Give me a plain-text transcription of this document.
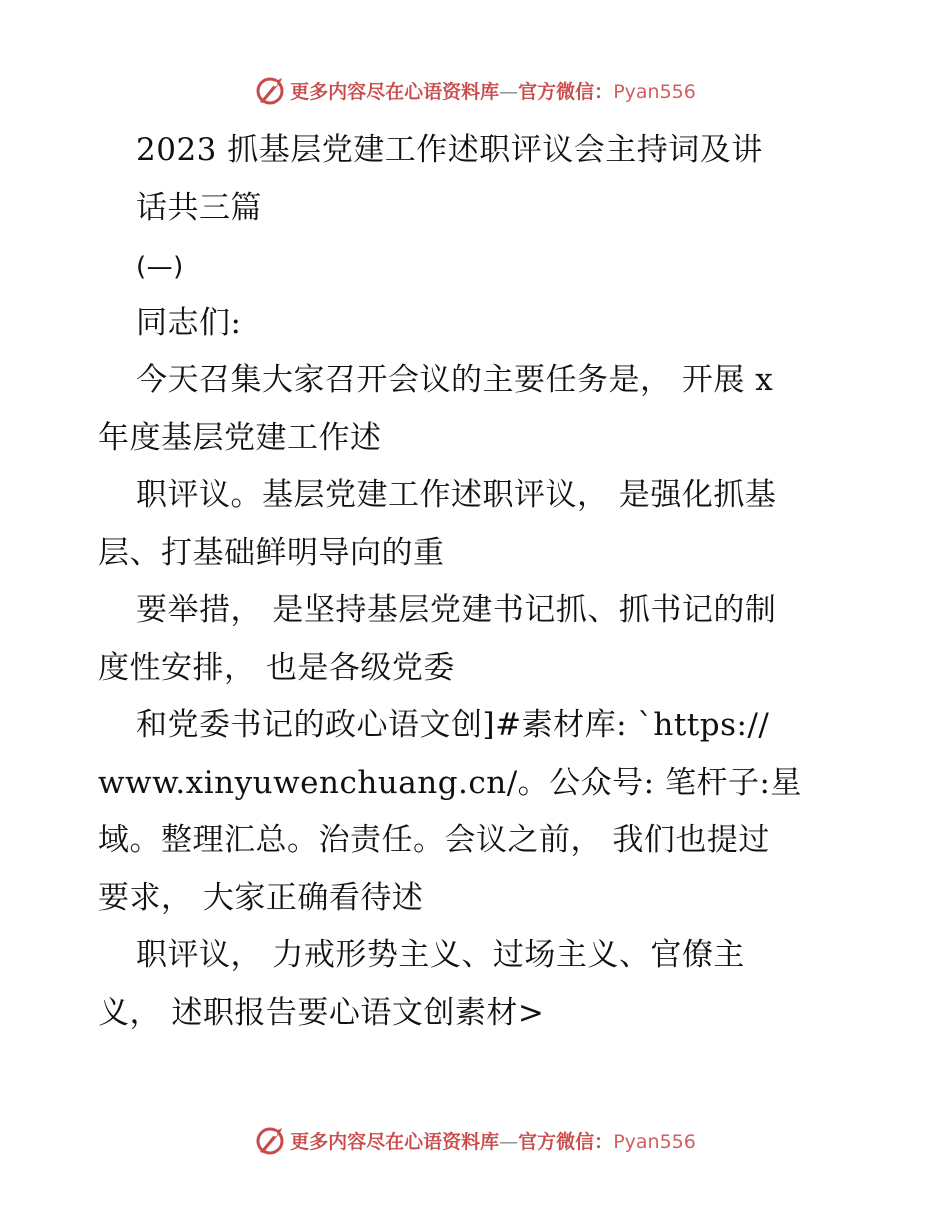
更多内容尽在心语资料库—官方微信：Pyan556
2023 抓基层党建工作述职评议会主持词及讲
话共三篇
(—)
同志们:
今天召集大家召开会议的主要任务是， 开展 x
年度基层党建工作述
职评议。基层党建工作述职评议， 是强化抓基
层、打基础鲜明导向的重
要举措， 是坚持基层党建书记抓、抓书记的制
度性安排， 也是各级党委
和党委书记的政心语文创]#素材库: `https://
www.xinyuwenchuang.cn/。公众号: 笔杆子:星
域。整理汇总。治责任。会议之前， 我们也提过
要求， 大家正确看待述
职评议， 力戒形势主义、过场主义、官僚主
义， 述职报告要心语文创素材>
更多内容尽在心语资料库—官方微信：Pyan556
